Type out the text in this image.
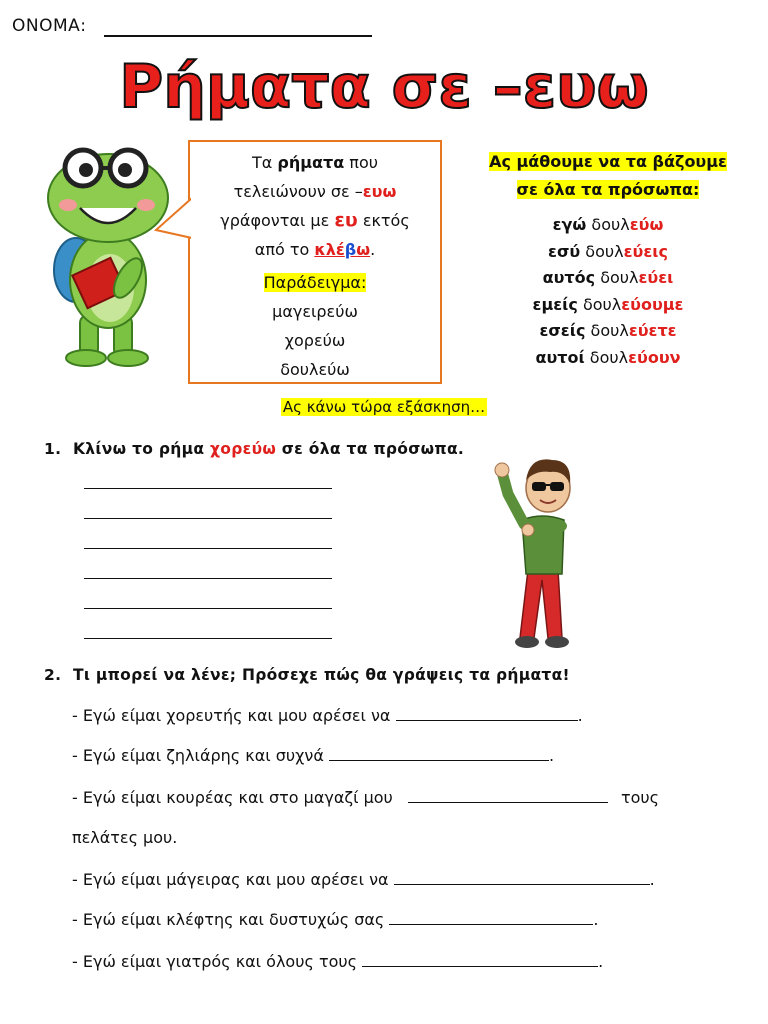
ΟΝΟΜΑ:
Ρήματα σε –ευω
Τα ρήματα που
τελειώνουν σε –ευω
γράφονται με ευ εκτός
από το κλέβω.
Παράδειγμα:
μαγειρεύω
χορεύω
δουλεύω
Ας μάθουμε να τα βάζουμε
σε όλα τα πρόσωπα:
εγώ δουλεύω
εσύ δουλεύεις
αυτός δουλεύει
εμείς δουλεύουμε
εσείς δουλεύετε
αυτοί δουλεύουν
Ας κάνω τώρα εξάσκηση…
1. Κλίνω το ρήμα χορεύω σε όλα τα πρόσωπα.
2. Τι μπορεί να λένε; Πρόσεχε πώς θα γράψεις τα ρήματα!
- Εγώ είμαι χορευτής και μου αρέσει να	.
- Εγώ είμαι ζηλιάρης και συχνά	.
- Εγώ είμαι κουρέας και στο μαγαζί μου	τους
πελάτες μου.
- Εγώ είμαι μάγειρας και μου αρέσει να	.
- Εγώ είμαι κλέφτης και δυστυχώς σας	.
- Εγώ είμαι γιατρός και όλους τους	.
